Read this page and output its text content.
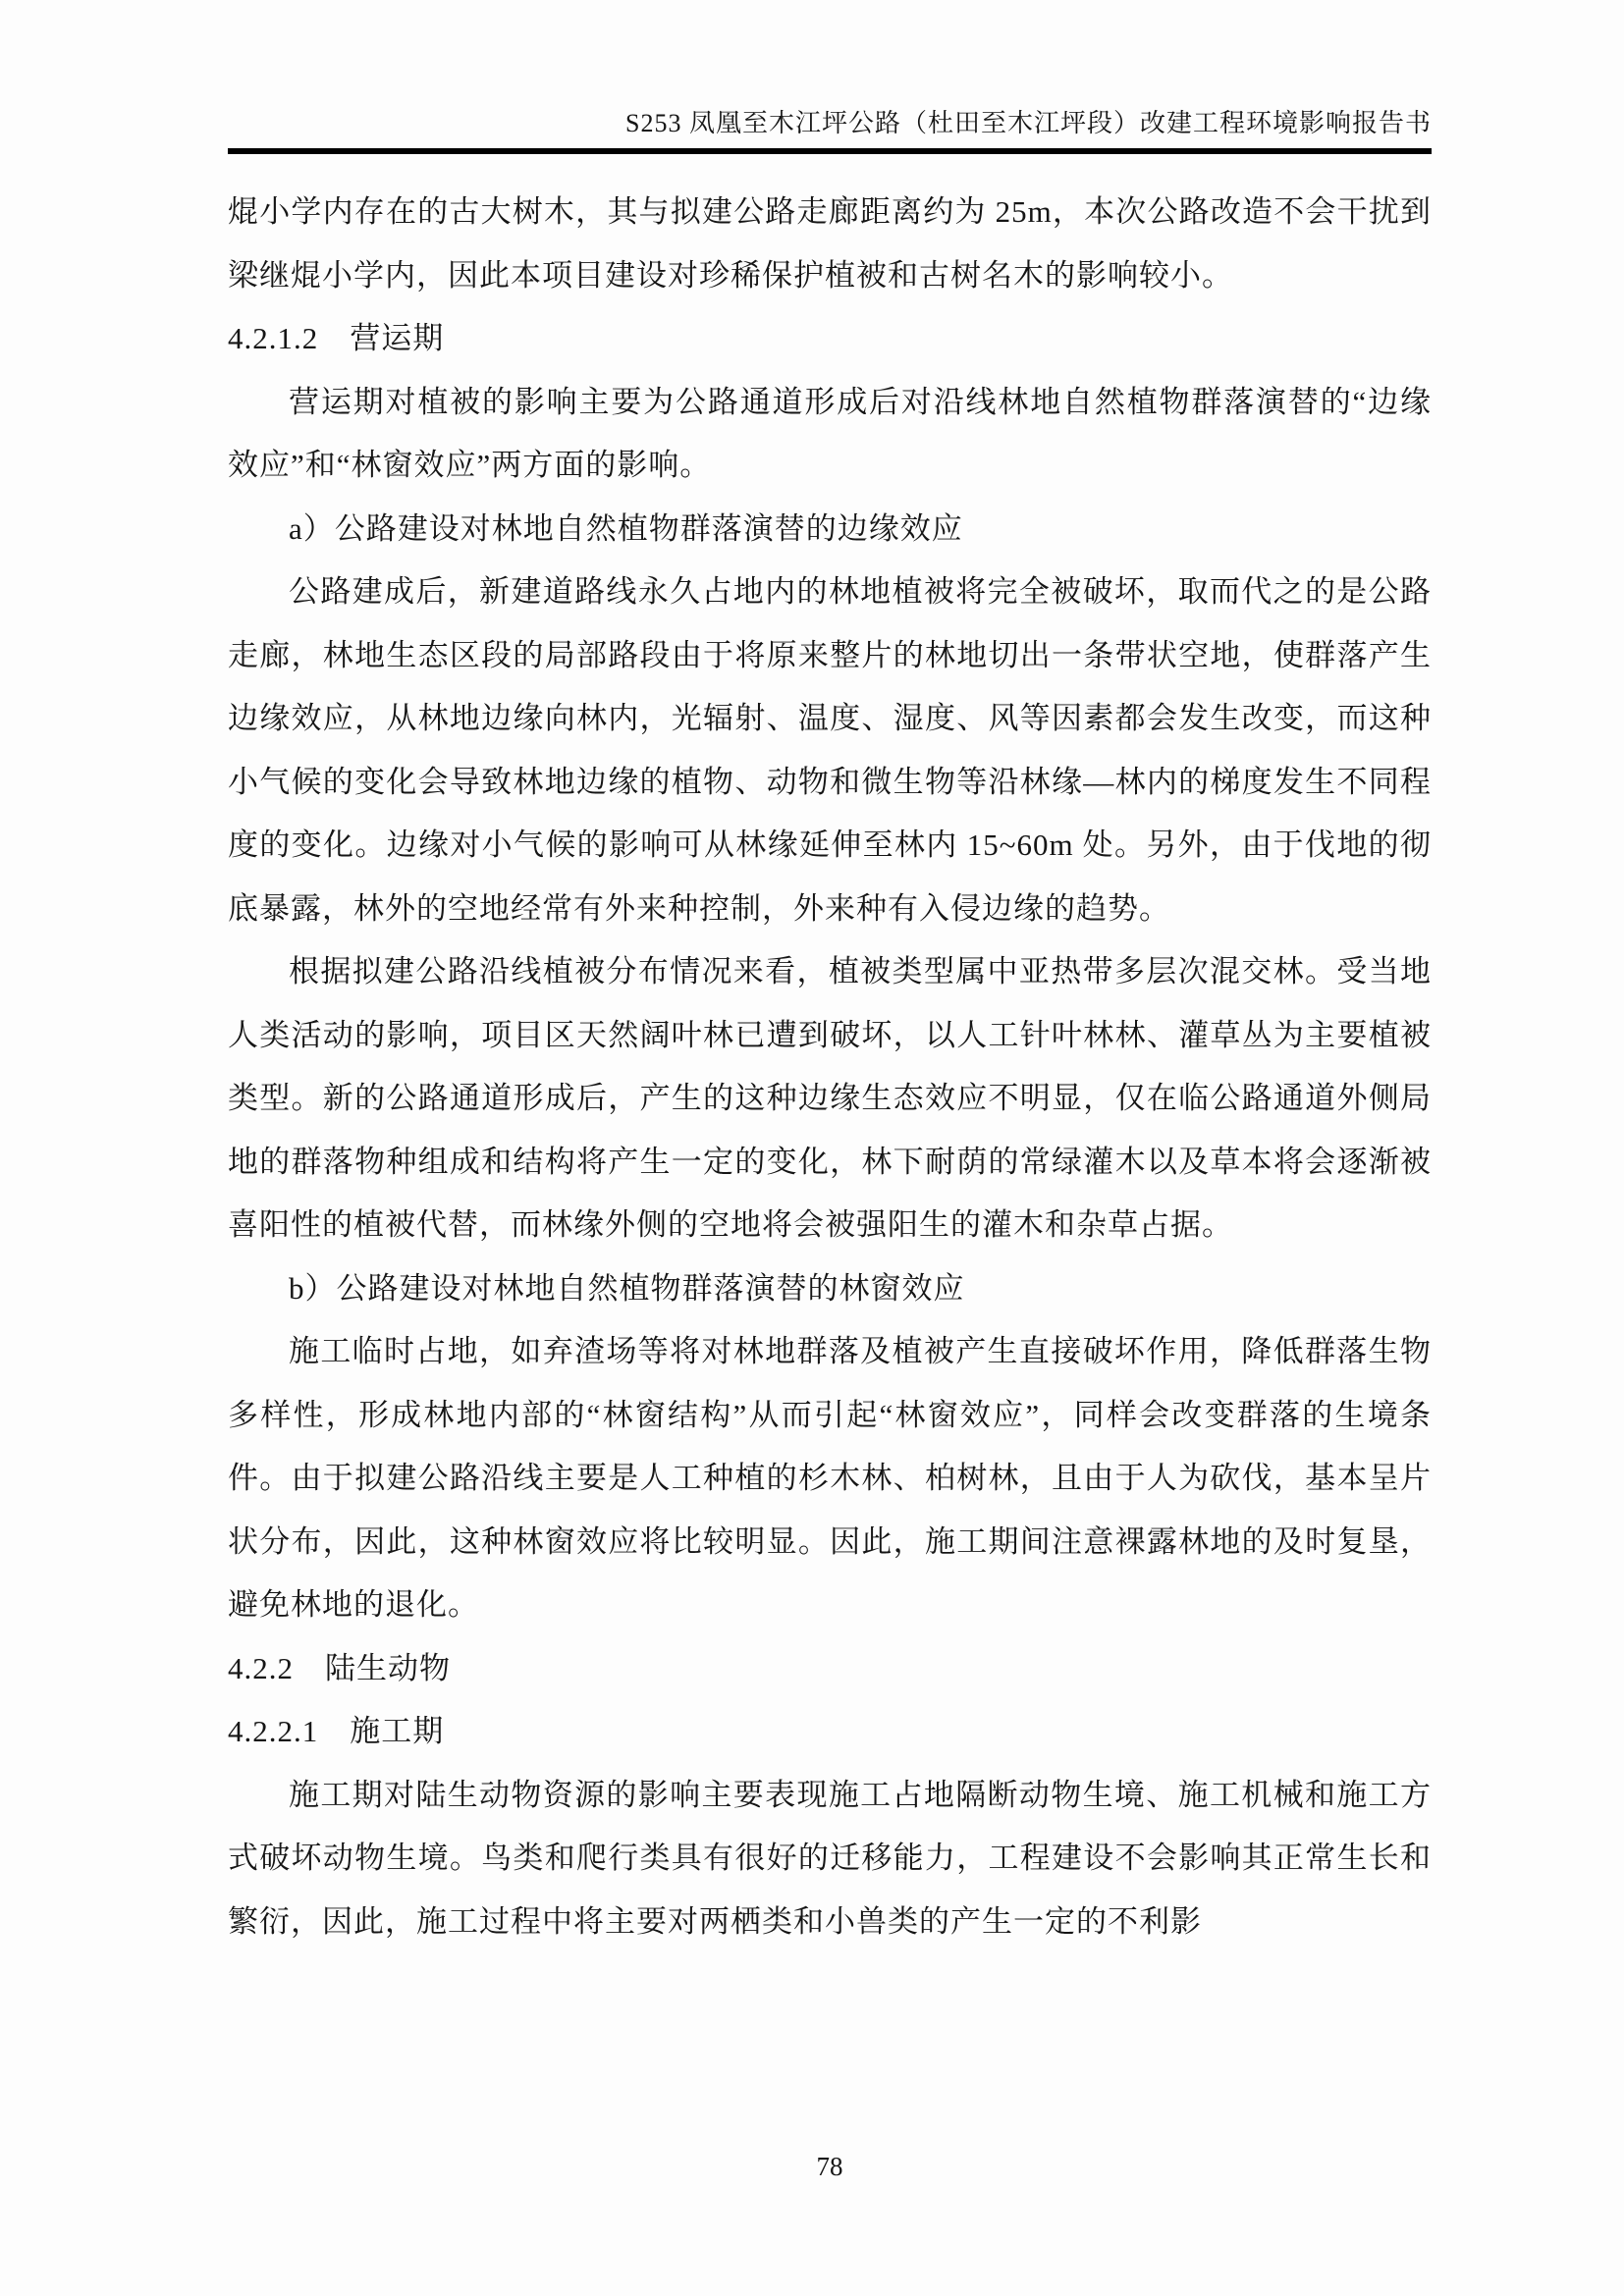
S253 凤凰至木江坪公路（杜田至木江坪段）改建工程环境影响报告书

焜小学内存在的古大树木，其与拟建公路走廊距离约为 25m，本次公路改造不会干扰到梁继焜小学内，因此本项目建设对珍稀保护植被和古树名木的影响较小。

4.2.1.2　营运期

营运期对植被的影响主要为公路通道形成后对沿线林地自然植物群落演替的“边缘效应”和“林窗效应”两方面的影响。

a）公路建设对林地自然植物群落演替的边缘效应

公路建成后，新建道路线永久占地内的林地植被将完全被破坏，取而代之的是公路走廊，林地生态区段的局部路段由于将原来整片的林地切出一条带状空地，使群落产生边缘效应，从林地边缘向林内，光辐射、温度、湿度、风等因素都会发生改变，而这种小气候的变化会导致林地边缘的植物、动物和微生物等沿林缘—林内的梯度发生不同程度的变化。边缘对小气候的影响可从林缘延伸至林内 15~60m 处。另外，由于伐地的彻底暴露，林外的空地经常有外来种控制，外来种有入侵边缘的趋势。

根据拟建公路沿线植被分布情况来看，植被类型属中亚热带多层次混交林。受当地人类活动的影响，项目区天然阔叶林已遭到破坏，以人工针叶林林、灌草丛为主要植被类型。新的公路通道形成后，产生的这种边缘生态效应不明显，仅在临公路通道外侧局地的群落物种组成和结构将产生一定的变化，林下耐荫的常绿灌木以及草本将会逐渐被喜阳性的植被代替，而林缘外侧的空地将会被强阳生的灌木和杂草占据。

b）公路建设对林地自然植物群落演替的林窗效应

施工临时占地，如弃渣场等将对林地群落及植被产生直接破坏作用，降低群落生物多样性，形成林地内部的“林窗结构”从而引起“林窗效应”，同样会改变群落的生境条件。由于拟建公路沿线主要是人工种植的杉木林、柏树林，且由于人为砍伐，基本呈片状分布，因此，这种林窗效应将比较明显。因此，施工期间注意裸露林地的及时复垦，避免林地的退化。

4.2.2　陆生动物
4.2.2.1　施工期

施工期对陆生动物资源的影响主要表现施工占地隔断动物生境、施工机械和施工方式破坏动物生境。鸟类和爬行类具有很好的迁移能力，工程建设不会影响其正常生长和繁衍，因此，施工过程中将主要对两栖类和小兽类的产生一定的不利影

78
